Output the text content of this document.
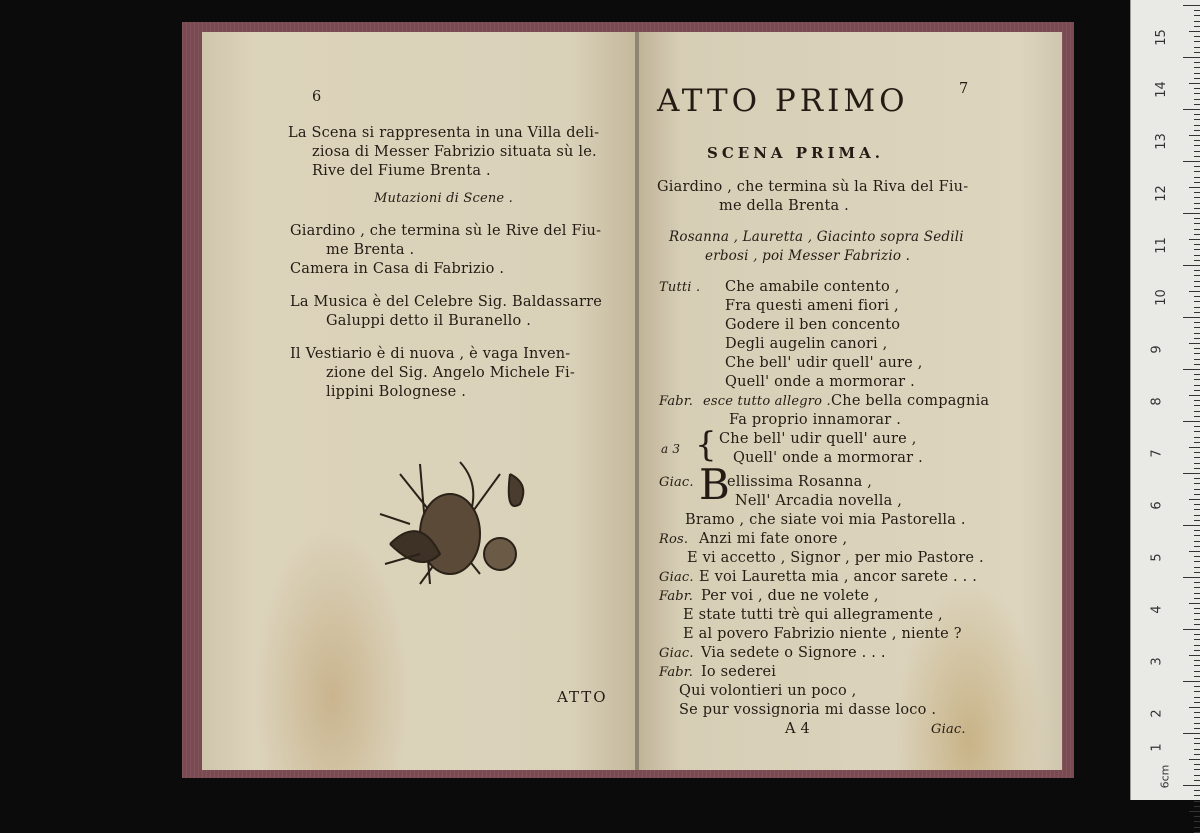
6
La Scena si rappresenta in una Villa deli-
ziosa di Messer Fabrizio situata sù le.
Rive del Fiume Brenta .
Mutazioni di Scene .
Giardino , che termina sù le Rive del Fiu-
me Brenta .
Camera in Casa di Fabrizio .
La Musica è del Celebre Sig. Baldassarre
Galuppi detto il Buranello .
Il Vestiario è di nuova , è vaga Inven-
zione del Sig. Angelo Michele Fi-
lippini Bolognese .
ATTO
7
ATTO PRIMO
SCENA PRIMA.
Giardino , che termina sù la Riva del Fiu-
me della Brenta .
Rosanna , Lauretta , Giacinto sopra Sedili
erbosi , poi Messer Fabrizio .
Tutti . Che amabile contento ,
Fra questi ameni fiori ,
Godere il ben concento
Degli augelin canori ,
Che bell' udir quell' aure ,
Quell' onde a mormorar .
Fabr. esce tutto allegro . Che bella compagnia
Fa proprio innamorar .
a 3 { Che bell' udir quell' aure ,
Quell' onde a mormorar .
Giac. B
ellissima Rosanna ,
Nell' Arcadia novella ,
Bramo , che siate voi mia Pastorella .
Ros. Anzi mi fate onore ,
E vi accetto , Signor , per mio Pastore .
Giac. E voi Lauretta mia , ancor sarete . . .
Fabr. Per voi , due ne volete ,
E state tutti trè qui allegramente ,
E al povero Fabrizio niente , niente ?
Giac. Via sedete o Signore . . .
Fabr. Io sederei
Qui volontieri un poco ,
Se pur vossignoria mi dasse loco .
A 4	Giac.
15
14
13
12
11
10
9
8
7
6
5
4
3
2
1
6cm
